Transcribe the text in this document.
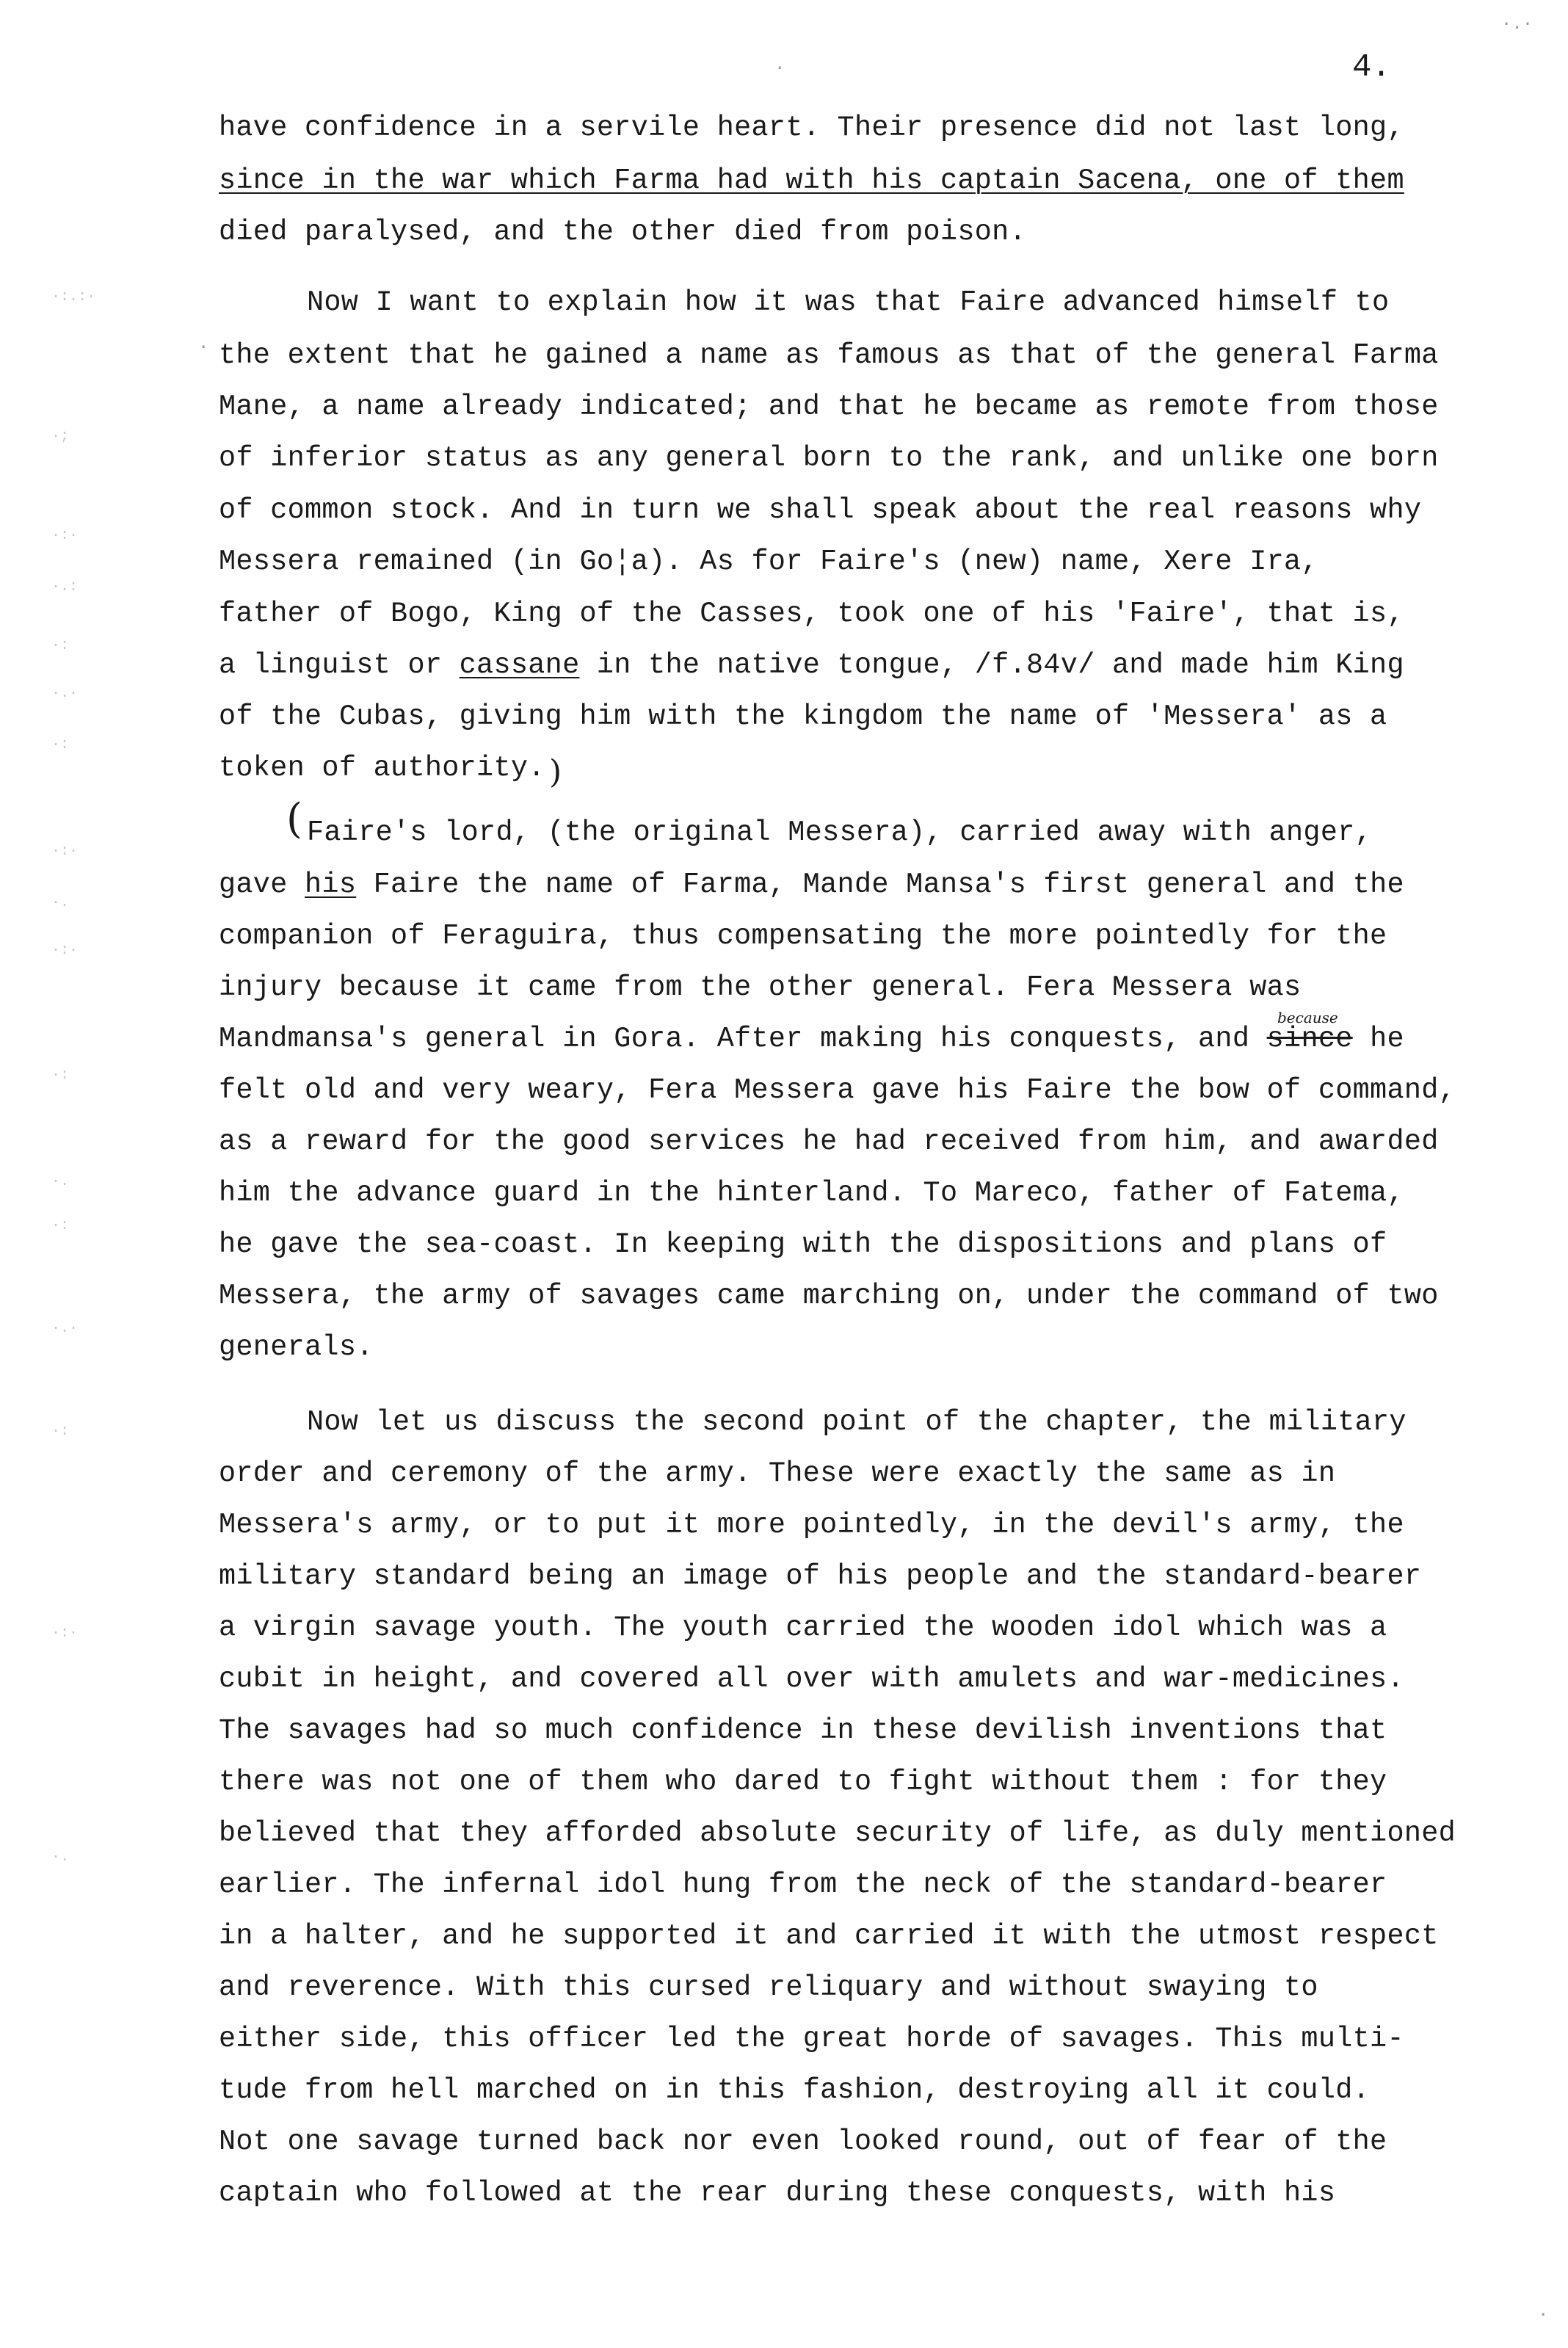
4.
·:.:·
·;
·:·
·.:
·:
·.·
·:
·:·
·.
·:·
·:
·.
·:
·.·
·:
·:·
·.
·
·.·
·
·
have confidence in a servile heart. Their presence did not last long,
since in the war which Farma had with his captain Sacena, one of them
died paralysed, and the other died from poison.
Now I want to explain how it was that Faire advanced himself to
the extent that he gained a name as famous as that of the general Farma
Mane, a name already indicated; and that he became as remote from those
of inferior status as any general born to the rank, and unlike one born
of common stock. And in turn we shall speak about the real reasons why
Messera remained (in Go¦a). As for Faire's (new) name, Xere Ira,
father of Bogo, King of the Casses, took one of his 'Faire', that is,
a linguist or cassane in the native tongue, /f.84v/ and made him King
of the Cubas, giving him with the kingdom the name of 'Messera' as a
token of authority. )
( Faire's lord, (the original Messera), carried away with anger,
gave his Faire the name of Farma, Mande Mansa's first general and the
companion of Feraguira, thus compensating the more pointedly for the
injury because it came from the other general. Fera Messera was
because
Mandmansa's general in Gora. After making his conquests, and since he
felt old and very weary, Fera Messera gave his Faire the bow of command,
as a reward for the good services he had received from him, and awarded
him the advance guard in the hinterland. To Mareco, father of Fatema,
he gave the sea-coast. In keeping with the dispositions and plans of
Messera, the army of savages came marching on, under the command of two
generals.
Now let us discuss the second point of the chapter, the military
order and ceremony of the army. These were exactly the same as in
Messera's army, or to put it more pointedly, in the devil's army, the
military standard being an image of his people and the standard-bearer
a virgin savage youth. The youth carried the wooden idol which was a
cubit in height, and covered all over with amulets and war-medicines.
The savages had so much confidence in these devilish inventions that
there was not one of them who dared to fight without them : for they
believed that they afforded absolute security of life, as duly mentioned
earlier. The infernal idol hung from the neck of the standard-bearer
in a halter, and he supported it and carried it with the utmost respect
and reverence. With this cursed reliquary and without swaying to
either side, this officer led the great horde of savages. This multi-
tude from hell marched on in this fashion, destroying all it could.
Not one savage turned back nor even looked round, out of fear of the
captain who followed at the rear during these conquests, with his
